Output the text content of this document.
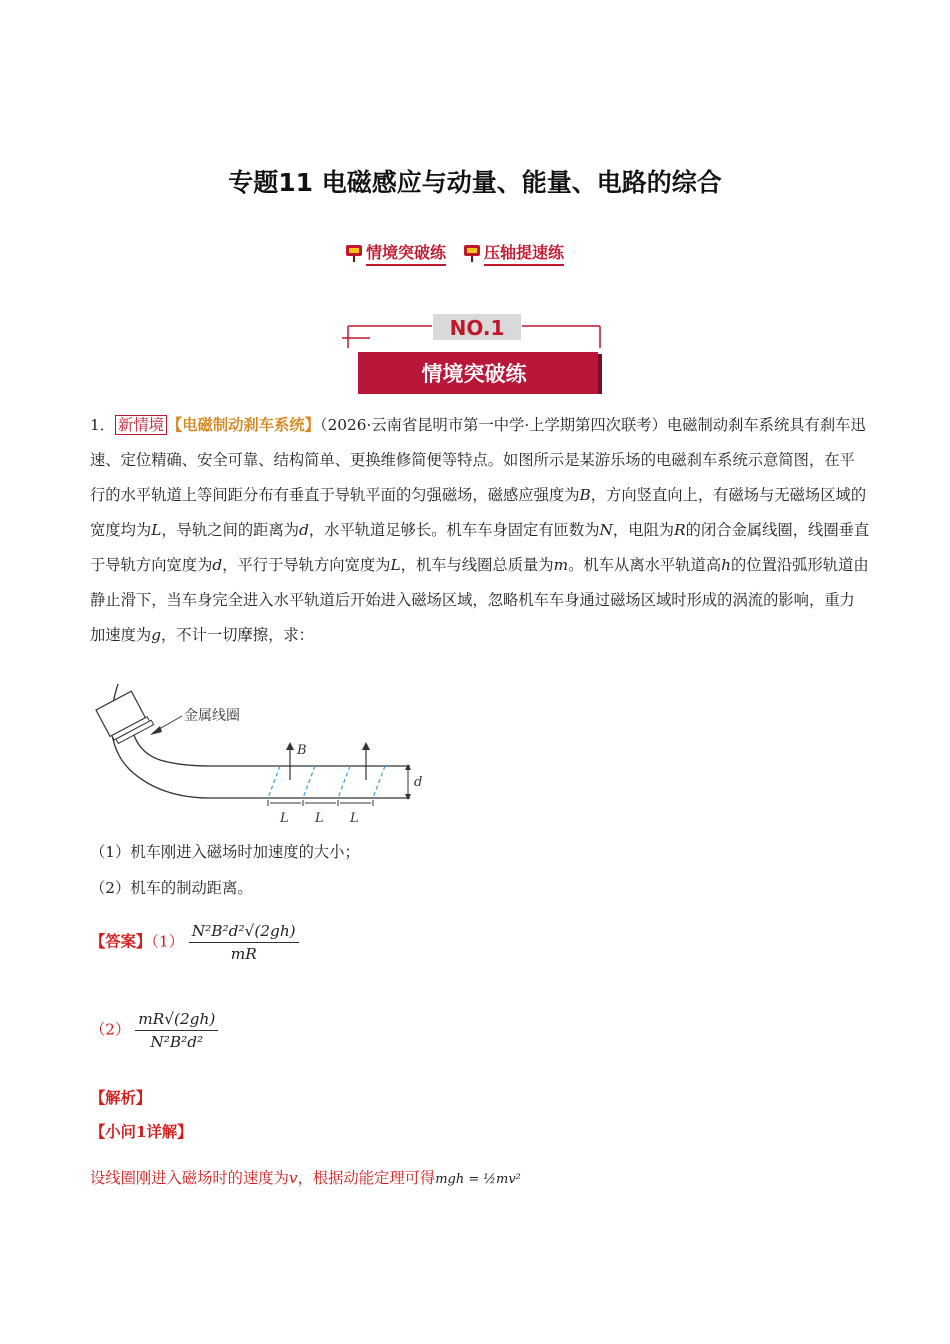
专题11 电磁感应与动量、能量、电路的综合
情境突破练 压轴提速练
NO.1
情境突破练
1． 新情境 【电磁制动刹车系统】（2026·云南省昆明市第一中学·上学期第四次联考）电磁制动刹车系统具有刹车迅速、定位精确、安全可靠、结构简单、更换维修简便等特点。如图所示是某游乐场的电磁刹车系统示意简图，在平行的水平轨道上等间距分布有垂直于导轨平面的匀强磁场，磁感应强度为B，方向竖直向上，有磁场与无磁场区域的宽度均为L，导轨之间的距离为d，水平轨道足够长。机车车身固定有匝数为N，电阻为R的闭合金属线圈，线圈垂直于导轨方向宽度为d，平行于导轨方向宽度为L，机车与线圈总质量为m。机车从离水平轨道高h的位置沿弧形轨道由静止滑下，当车身完全进入水平轨道后开始进入磁场区域，忽略机车车身通过磁场区域时形成的涡流的影响，重力加速度为g，不计一切摩擦，求：
金属线圈
B
d
L L L
（1）机车刚进入磁场时加速度的大小；
（2）机车的制动距离。
【答案】$(1) \frac{\text{N²B²d²√(2gh)}}{mR}$
$(2) \frac{mR√(2gh)}{\text{N²B²d²}}$
【解析】
【小问1详解】
设线圈刚进入磁场时的速度为v，根据动能定理可得mgh = ½mv²
